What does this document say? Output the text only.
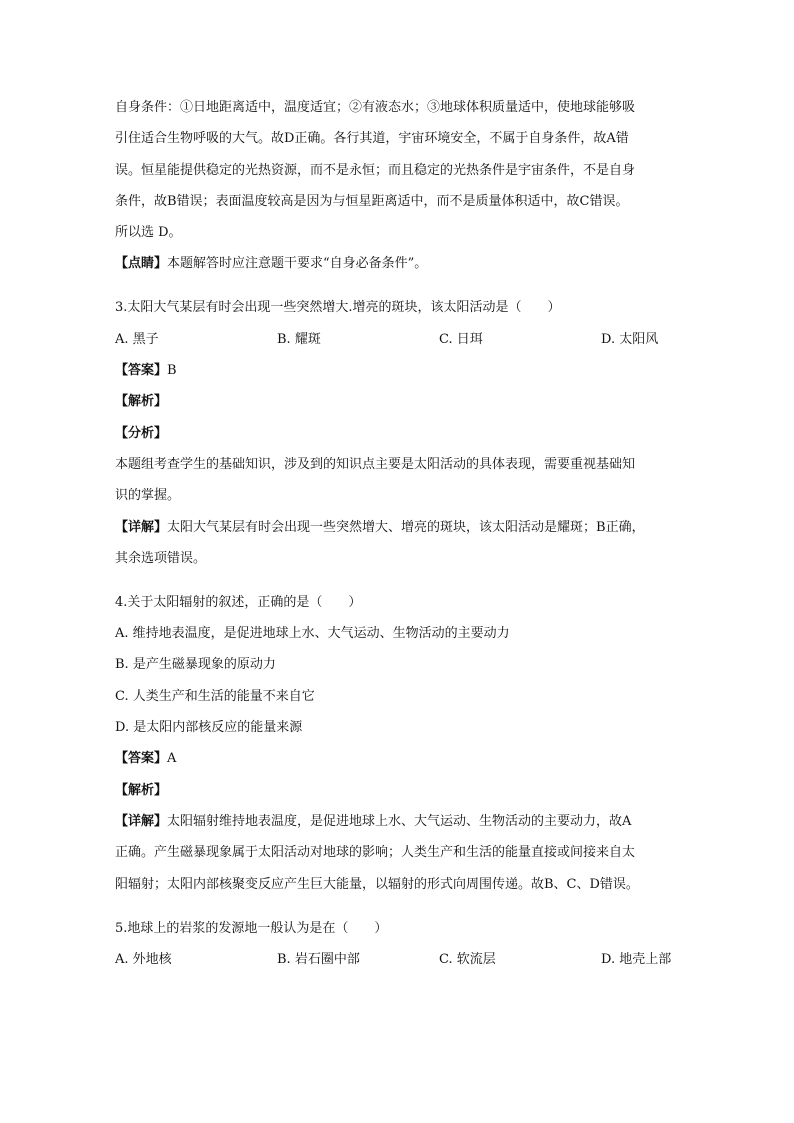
自身条件：①日地距离适中，温度适宜；②有液态水；③地球体积质量适中，使地球能够吸
引住适合生物呼吸的大气。故D正确。各行其道，宇宙环境安全，不属于自身条件，故A错
误。恒星能提供稳定的光热资源，而不是永恒；而且稳定的光热条件是宇宙条件，不是自身
条件，故B错误；表面温度较高是因为与恒星距离适中，而不是质量体积适中，故C错误。
所以选 D。
【点睛】本题解答时应注意题干要求“自身必备条件”。
3.太阳大气某层有时会出现一些突然增大.增亮的斑块，该太阳活动是（　　）
A. 黑子	B. 耀斑	C. 日珥	D. 太阳风
【答案】B
【解析】
【分析】
本题组考查学生的基础知识，涉及到的知识点主要是太阳活动的具体表现，需要重视基础知
识的掌握。
【详解】太阳大气某层有时会出现一些突然增大、增亮的斑块，该太阳活动是耀斑；B正确，
其余选项错误。
4.关于太阳辐射的叙述，正确的是（　　）
A. 维持地表温度，是促进地球上水、大气运动、生物活动的主要动力
B. 是产生磁暴现象的原动力
C. 人类生产和生活的能量不来自它
D. 是太阳内部核反应的能量来源
【答案】A
【解析】
【详解】太阳辐射维持地表温度，是促进地球上水、大气运动、生物活动的主要动力，故A
正确。产生磁暴现象属于太阳活动对地球的影响；人类生产和生活的能量直接或间接来自太
阳辐射；太阳内部核聚变反应产生巨大能量，以辐射的形式向周围传递。故B、C、D错误。
5.地球上的岩浆的发源地一般认为是在（　　）
A. 外地核	B. 岩石圈中部	C. 软流层	D. 地壳上部
